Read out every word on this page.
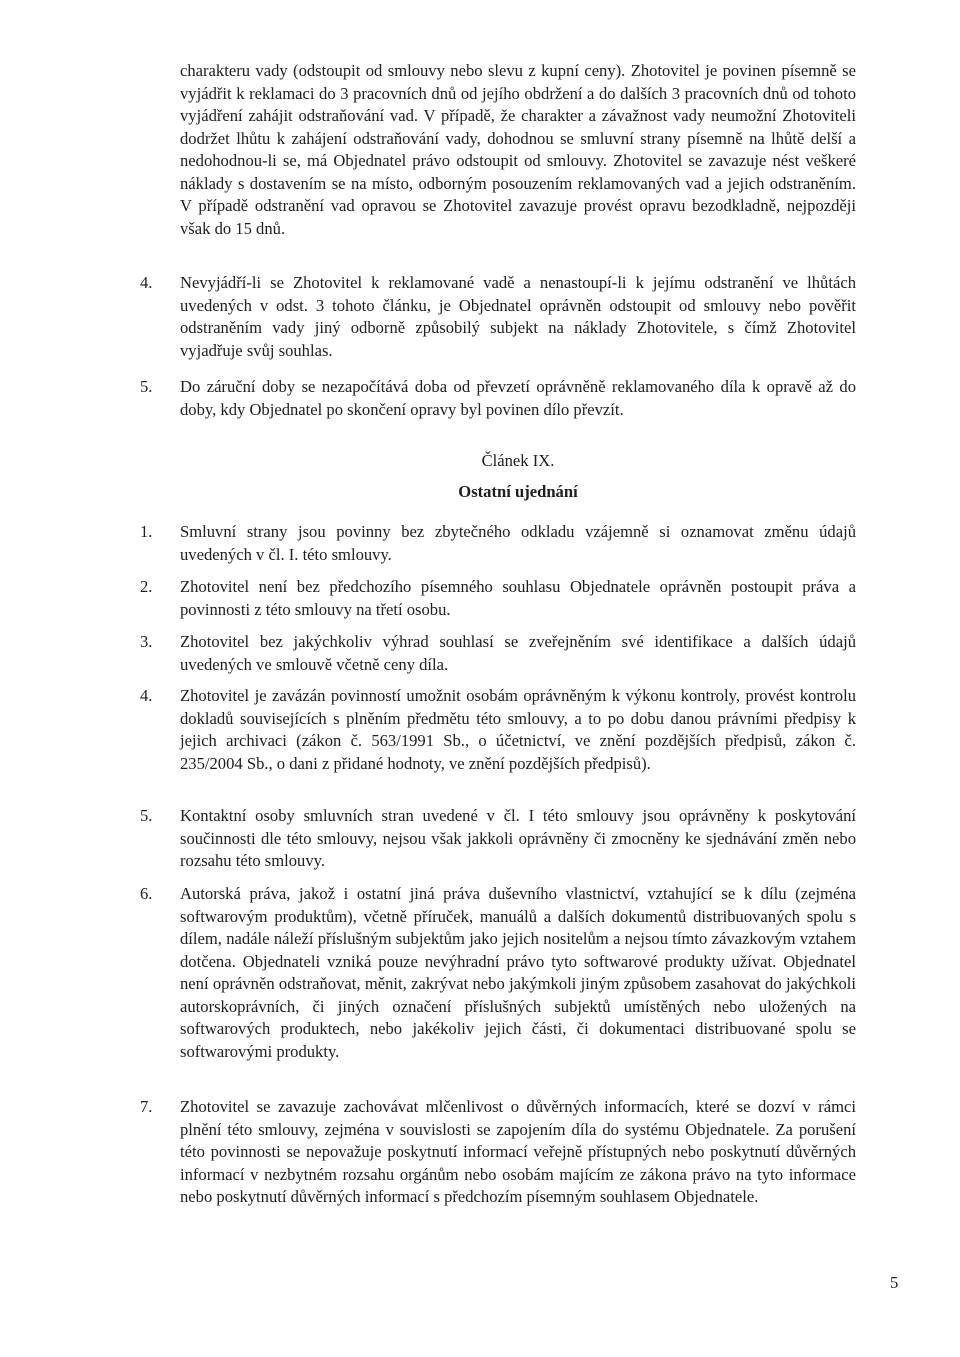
charakteru vady (odstoupit od smlouvy nebo slevu z kupní ceny). Zhotovitel je povinen písemně se vyjádřit k reklamaci do 3 pracovních dnů od jejího obdržení a do dalších 3 pracovních dnů od tohoto vyjádření zahájit odstraňování vad. V případě, že charakter a závažnost vady neumožní Zhotoviteli dodržet lhůtu k zahájení odstraňování vady, dohodnou se smluvní strany písemně na lhůtě delší a nedohodnou-li se, má Objednatel právo odstoupit od smlouvy. Zhotovitel se zavazuje nést veškeré náklady s dostavením se na místo, odborným posouzením reklamovaných vad a jejich odstraněním. V případě odstranění vad opravou se Zhotovitel zavazuje provést opravu bezodkladně, nejpozději však do 15 dnů.
4.	Nevyjádří-li se Zhotovitel k reklamované vadě a nenastoupí-li k jejímu odstranění ve lhůtách uvedených v odst. 3 tohoto článku, je Objednatel oprávněn odstoupit od smlouvy nebo pověřit odstraněním vady jiný odborně způsobilý subjekt na náklady Zhotovitele, s čímž Zhotovitel vyjadřuje svůj souhlas.
5.	Do záruční doby se nezapočítává doba od převzetí oprávněně reklamovaného díla k opravě až do doby, kdy Objednatel po skončení opravy byl povinen dílo převzít.
Článek IX.
Ostatní ujednání
1.	Smluvní strany jsou povinny bez zbytečného odkladu vzájemně si oznamovat změnu údajů uvedených v čl. I. této smlouvy.
2.	Zhotovitel není bez předchozího písemného souhlasu Objednatele oprávněn postoupit práva a povinnosti z této smlouvy na třetí osobu.
3.	Zhotovitel bez jakýchkoliv výhrad souhlasí se zveřejněním své identifikace a dalších údajů uvedených ve smlouvě včetně ceny díla.
4.	Zhotovitel je zavázán povinností umožnit osobám oprávněným k výkonu kontroly, provést kontrolu dokladů souvisejících s plněním předmětu této smlouvy, a to po dobu danou právními předpisy k jejich archivaci (zákon č. 563/1991 Sb., o účetnictví, ve znění pozdějších předpisů, zákon č. 235/2004 Sb., o dani z přidané hodnoty, ve znění pozdějších předpisů).
5.	Kontaktní osoby smluvních stran uvedené v čl. I této smlouvy jsou oprávněny k poskytování součinnosti dle této smlouvy, nejsou však jakkoli oprávněny či zmocněny ke sjednávání změn nebo rozsahu této smlouvy.
6.	Autorská práva, jakož i ostatní jiná práva duševního vlastnictví, vztahující se k dílu (zejména softwarovým produktům), včetně příruček, manuálů a dalších dokumentů distribuovaných spolu s dílem, nadále náleží příslušným subjektům jako jejich nositelům a nejsou tímto závazkovým vztahem dotčena. Objednateli vzniká pouze nevýhradní právo tyto softwarové produkty užívat. Objednatel není oprávněn odstraňovat, měnit, zakrývat nebo jakýmkoli jiným způsobem zasahovat do jakýchkoli autorskoprávních, či jiných označení příslušných subjektů umístěných nebo uložených na softwarových produktech, nebo jakékoliv jejich části, či dokumentaci distribuované spolu se softwarovými produkty.
7.	Zhotovitel se zavazuje zachovávat mlčenlivost o důvěrných informacích, které se dozví v rámci plnění této smlouvy, zejména v souvislosti se zapojením díla do systému Objednatele. Za porušení této povinnosti se nepovažuje poskytnutí informací veřejně přístupných nebo poskytnutí důvěrných informací v nezbytném rozsahu orgánům nebo osobám majícím ze zákona právo na tyto informace nebo poskytnutí důvěrných informací s předchozím písemným souhlasem Objednatele.
5
